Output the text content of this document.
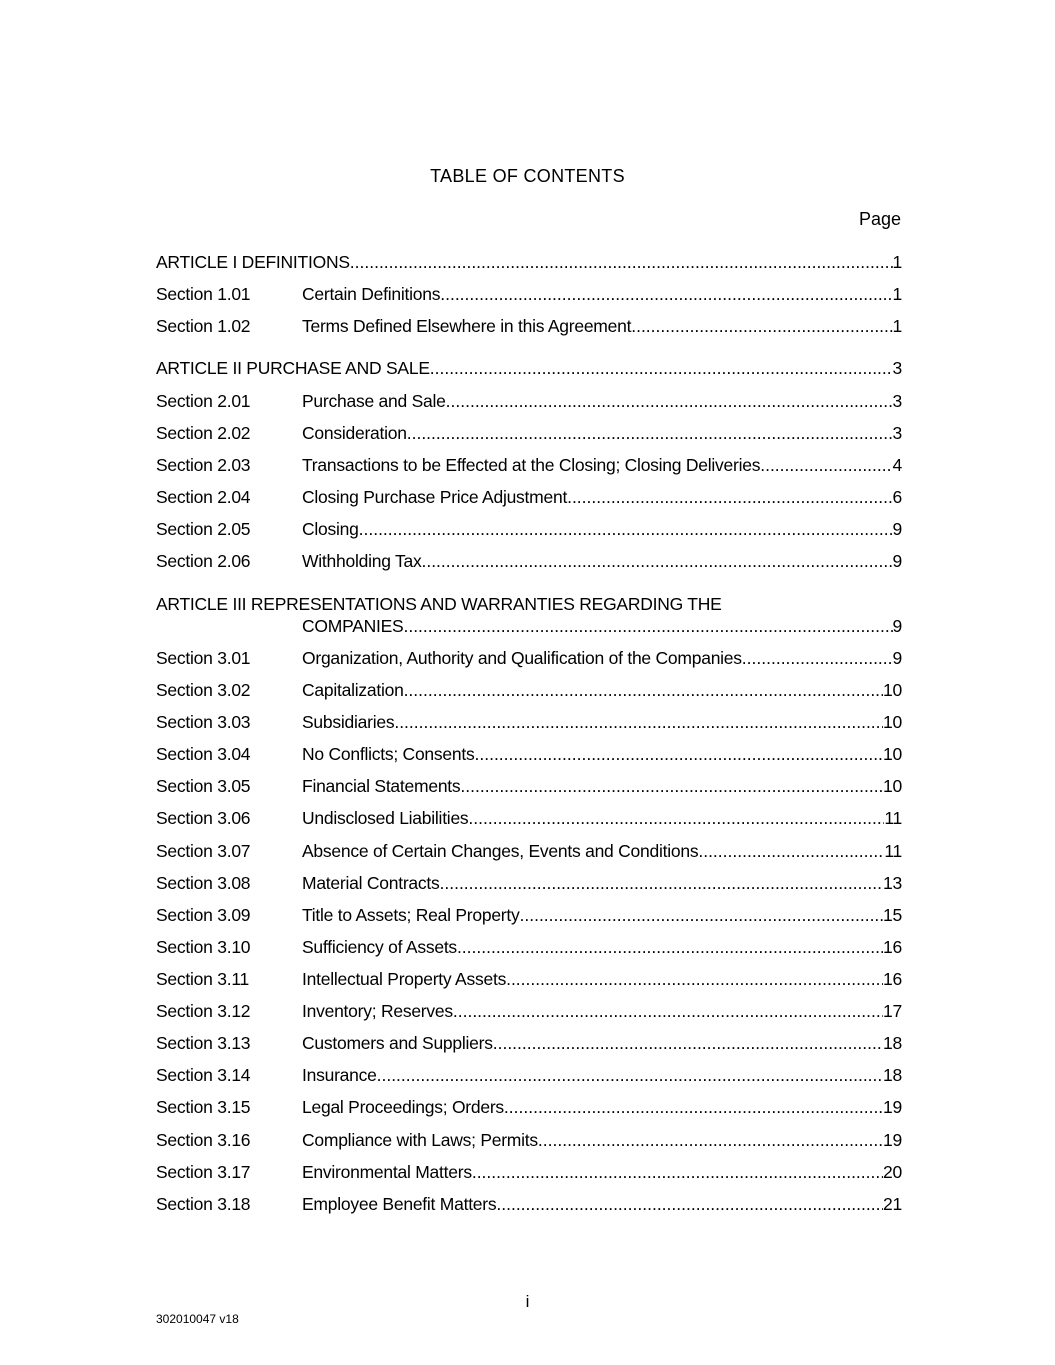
TABLE OF CONTENTS
Page
ARTICLE I DEFINITIONS .....	1
Section 1.01	Certain Definitions .....	1
Section 1.02	Terms Defined Elsewhere in this Agreement .....	1
ARTICLE II PURCHASE AND SALE .....	3
Section 2.01	Purchase and Sale .....	3
Section 2.02	Consideration .....	3
Section 2.03	Transactions to be Effected at the Closing; Closing Deliveries .....	4
Section 2.04	Closing Purchase Price Adjustment .....	6
Section 2.05	Closing .....	9
Section 2.06	Withholding Tax .....	9
ARTICLE III REPRESENTATIONS AND WARRANTIES REGARDING THE
COMPANIES .....	9
Section 3.01	Organization, Authority and Qualification of the Companies .....	9
Section 3.02	Capitalization .....	10
Section 3.03	Subsidiaries .....	10
Section 3.04	No Conflicts; Consents .....	10
Section 3.05	Financial Statements .....	10
Section 3.06	Undisclosed Liabilities .....	11
Section 3.07	Absence of Certain Changes, Events and Conditions .....	11
Section 3.08	Material Contracts .....	13
Section 3.09	Title to Assets; Real Property .....	15
Section 3.10	Sufficiency of Assets .....	16
Section 3.11	Intellectual Property Assets .....	16
Section 3.12	Inventory; Reserves .....	17
Section 3.13	Customers and Suppliers .....	18
Section 3.14	Insurance .....	18
Section 3.15	Legal Proceedings; Orders .....	19
Section 3.16	Compliance with Laws; Permits .....	19
Section 3.17	Environmental Matters .....	20
Section 3.18	Employee Benefit Matters .....	21
i
302010047 v18
